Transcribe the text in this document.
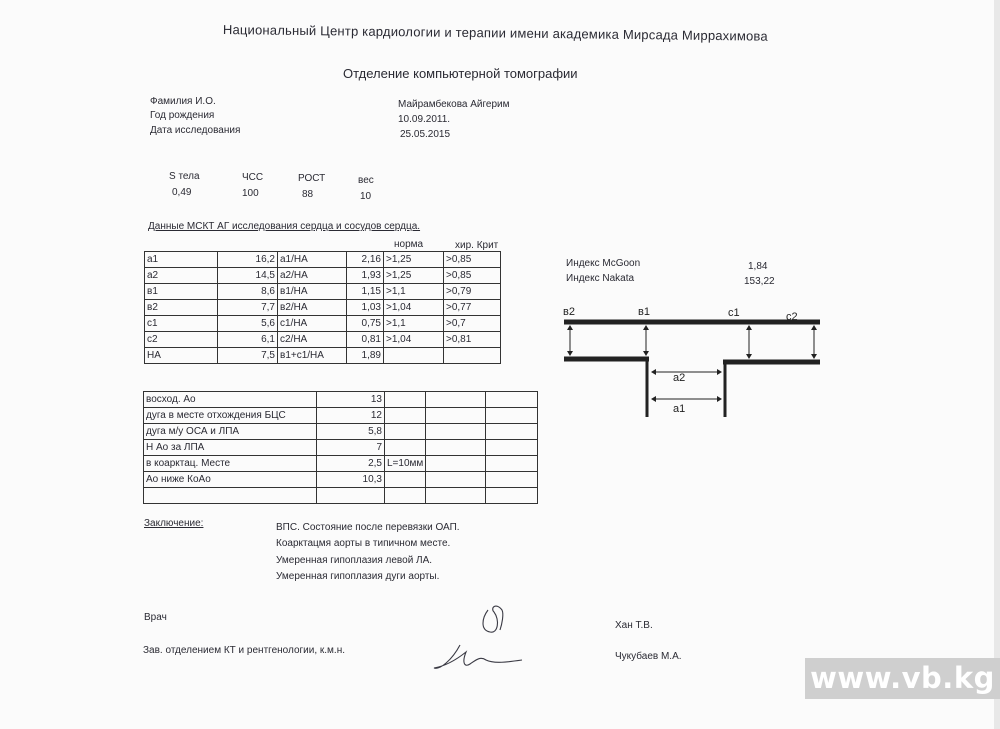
Национальный Центр кардиологии и терапии имени академика Мирсада Миррахимова
Отделение компьютерной томографии
Фамилия И.О.	Майрамбекова Айгерим
Год рождения	10.09.2011.
Дата исследования	25.05.2015
S тела	ЧСС	РОСТ	вес
0,49	100	88	10
Данные МСКТ АГ исследования сердца и сосудов сердца.
норма	хир. Крит
а1	16,2	а1/НА	2,16	>1,25	>0,85
а2	14,5	а2/НА	1,93	>1,25	>0,85
в1	8,6	в1/НА	1,15	>1,1	>0,79
в2	7,7	в2/НА	1,03	>1,04	>0,77
с1	5,6	с1/НА	0,75	>1,1	>0,7
с2	6,1	с2/НА	0,81	>1,04	>0,81
НА	7,5	в1+с1/НА	1,89		
восход. Ао	13			
дуга в месте отхождения БЦС	12			
дуга м/у ОСА и ЛПА	5,8			
Н Ао за ЛПА	7			
в коарктац. Месте	2,5	L=10мм		
Ао ниже КоАо	10,3			

Индекс McGoon	1,84
Индекс Nakata	153,22
в2	в1	с1	с2
а2
а1
Заключение:	ВПС. Состояние после перевязки ОАП.
Коарктацмя аорты в типичном месте.
Умеренная гипоплазия левой ЛА.
Умеренная гипоплазия дуги аорты.
Врач
Хан Т.В.
Зав. отделением КТ и рентгенологии, к.м.н.
Чукубаев М.А.
www.vb.kg
